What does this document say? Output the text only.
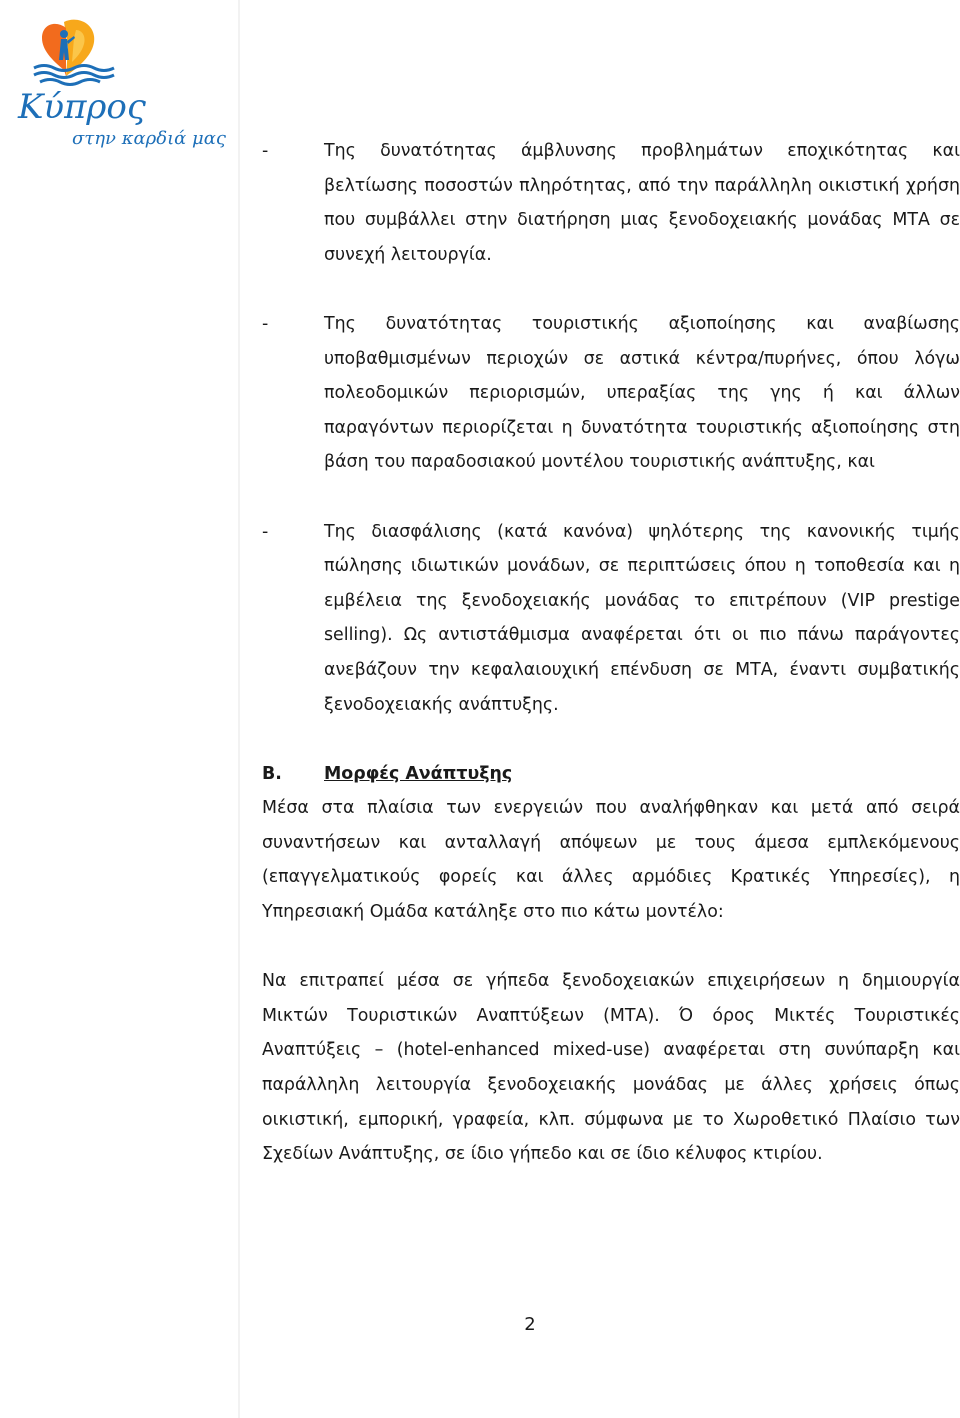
Κύπρος
στην καρδιά μας
-	Της δυνατότητας άμβλυνσης προβλημάτων εποχικότητας και βελτίωσης ποσοστών πληρότητας, από την παράλληλη οικιστική χρήση που συμβάλλει στην διατήρηση μιας ξενοδοχειακής μονάδας ΜΤΑ σε συνεχή λειτουργία.
-	Της δυνατότητας τουριστικής αξιοποίησης και αναβίωσης υποβαθμισμένων περιοχών σε αστικά κέντρα/πυρήνες, όπου λόγω πολεοδομικών περιορισμών, υπεραξίας της γης ή και άλλων παραγόντων περιορίζεται η δυνατότητα τουριστικής αξιοποίησης στη βάση του παραδοσιακού μοντέλου τουριστικής ανάπτυξης, και
-	Της διασφάλισης (κατά κανόνα) ψηλότερης της κανονικής τιμής πώλησης ιδιωτικών μονάδων, σε περιπτώσεις όπου η τοποθεσία και η εμβέλεια της ξενοδοχειακής μονάδας το επιτρέπουν (VIP prestige selling). Ως αντιστάθμισμα αναφέρεται ότι οι πιο πάνω παράγοντες ανεβάζουν την κεφαλαιουχική επένδυση σε ΜΤΑ, έναντι συμβατικής ξενοδοχειακής ανάπτυξης.
Β. Μορφές Ανάπτυξης
Μέσα στα πλαίσια των ενεργειών που αναλήφθηκαν και μετά από σειρά συναντήσεων και ανταλλαγή απόψεων με τους άμεσα εμπλεκόμενους (επαγγελματικούς φορείς και άλλες αρμόδιες Κρατικές Υπηρεσίες), η Υπηρεσιακή Ομάδα κατάληξε στο πιο κάτω μοντέλο:
Να επιτραπεί μέσα σε γήπεδα ξενοδοχειακών επιχειρήσεων η δημιουργία Μικτών Τουριστικών Αναπτύξεων (ΜΤΑ). Ό όρος Μικτές Τουριστικές Αναπτύξεις – (hotel-enhanced mixed-use) αναφέρεται στη συνύπαρξη και παράλληλη λειτουργία ξενοδοχειακής μονάδας με άλλες χρήσεις όπως οικιστική, εμπορική, γραφεία, κλπ. σύμφωνα με το Χωροθετικό Πλαίσιο των Σχεδίων Ανάπτυξης, σε ίδιο γήπεδο και σε ίδιο κέλυφος κτιρίου.
2
